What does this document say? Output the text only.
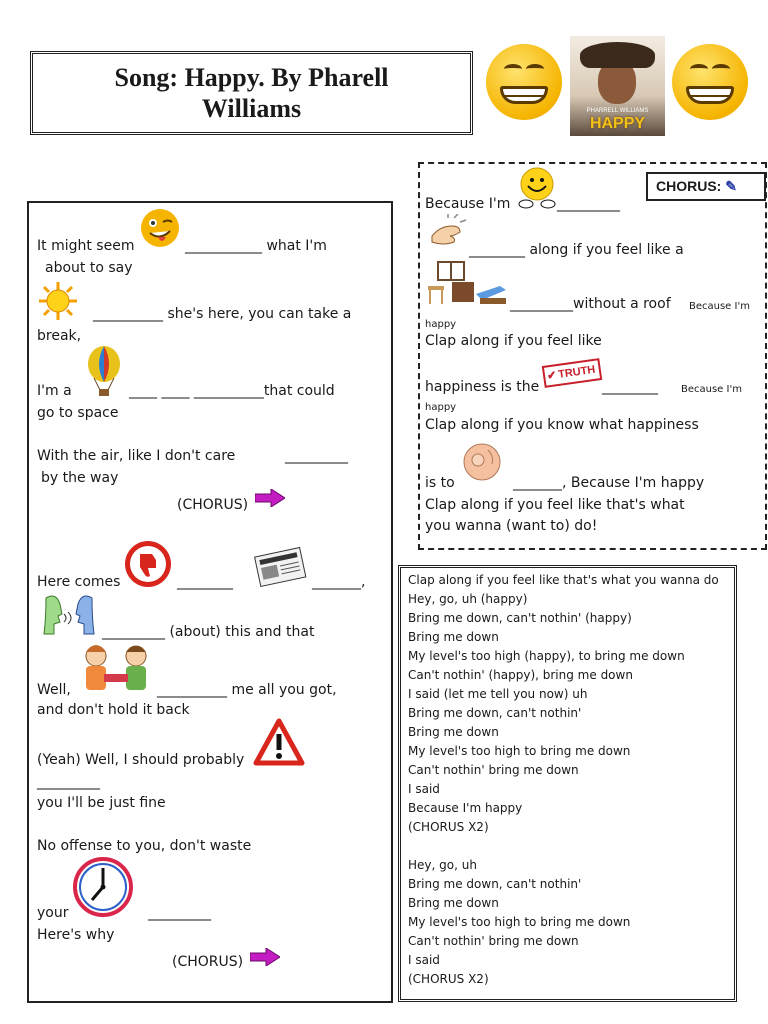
Song: Happy. By Pharell Williams	PHARRELL WILLIAMS
HAPPY
It might seem	___________ what I'm
about to say
__________ she's here, you can take a
break,
I'm a	____ ____ __________that could
go to space
With the air, like I don't care	_________
by the way
(CHORUS)
Here comes	________	_______,
_________ (about) this and that
Well,	__________ me all you got,
and don't hold it back
(Yeah) Well, I should probably
_________
you I'll be just fine
No offense to you, don't waste
your	_________
Here's why
(CHORUS)
CHORUS: ✎
Because I'm	_________
________ along if you feel like a
_________without a roof Because I'm
happy
Clap along if you feel like
happiness is the
✔TRUTH
________ Because I'm
happy
Clap along if you know what happiness
is to	_______, Because I'm happy
Clap along if you feel like that's what
you wanna (want to) do!
Clap along if you feel like that's what you wanna do
Hey, go, uh (happy)
Bring me down, can't nothin' (happy)
Bring me down
My level's too high (happy), to bring me down
Can't nothin' (happy), bring me down
I said (let me tell you now) uh
Bring me down, can't nothin'
Bring me down
My level's too high to bring me down
Can't nothin' bring me down
I said
Because I'm happy
(CHORUS X2)
Hey, go, uh
Bring me down, can't nothin'
Bring me down
My level's too high to bring me down
Can't nothin' bring me down
I said
(CHORUS X2)
